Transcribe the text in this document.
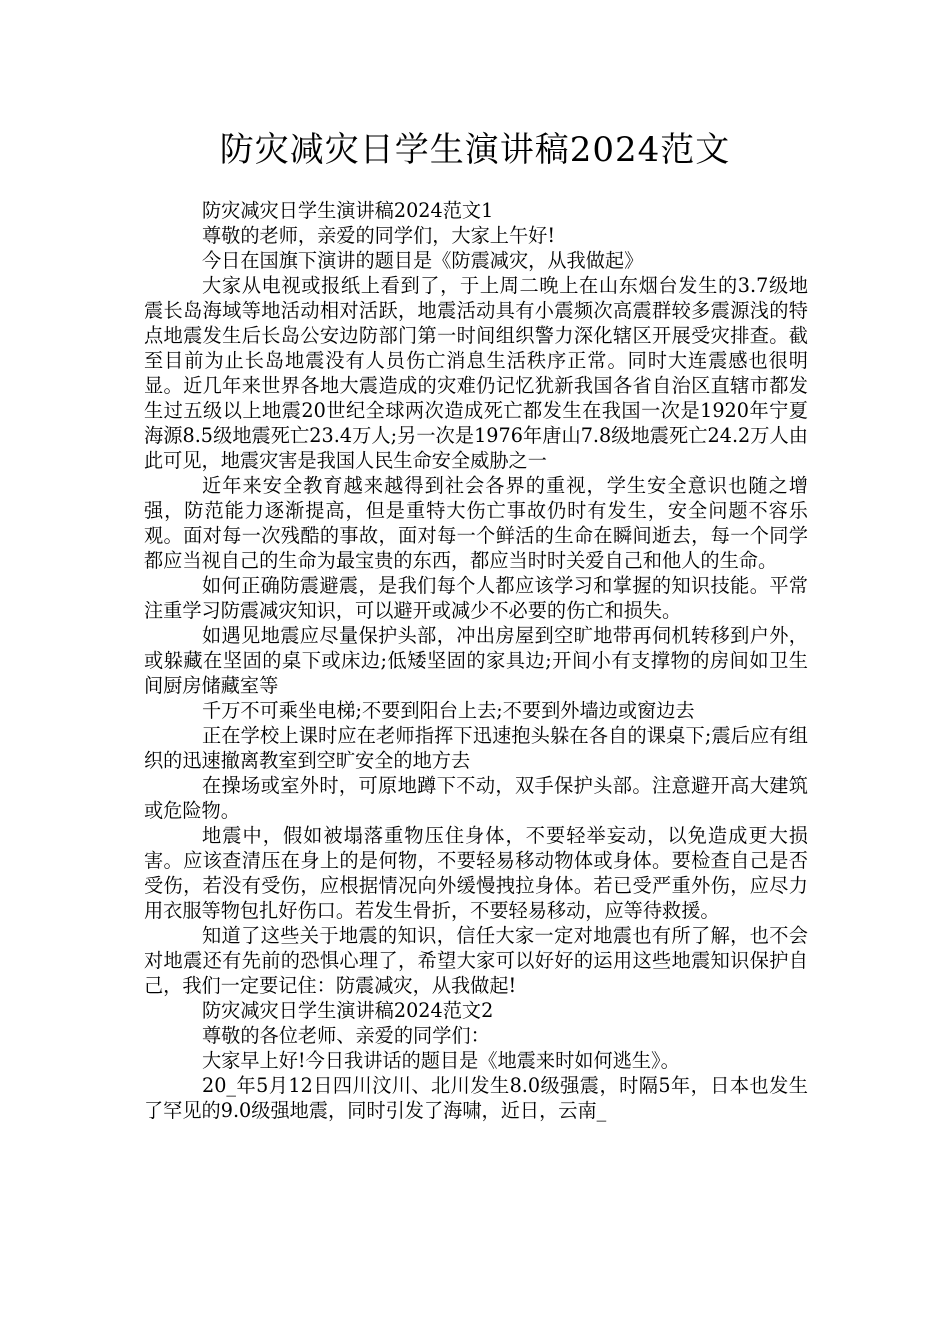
防灾减灾日学生演讲稿2024范文

防灾减灾日学生演讲稿2024范文1

尊敬的老师，亲爱的同学们，大家上午好!

今日在国旗下演讲的题目是《防震减灾，从我做起》

大家从电视或报纸上看到了，于上周二晚上在山东烟台发生的3.7级地震长岛海域等地活动相对活跃，地震活动具有小震频次高震群较多震源浅的特点地震发生后长岛公安边防部门第一时间组织警力深化辖区开展受灾排查。截至目前为止长岛地震没有人员伤亡消息生活秩序正常。同时大连震感也很明显。近几年来世界各地大震造成的灾难仍记忆犹新我国各省自治区直辖市都发生过五级以上地震20世纪全球两次造成死亡都发生在我国一次是1920年宁夏海源8.5级地震死亡23.4万人;另一次是1976年唐山7.8级地震死亡24.2万人由此可见，地震灾害是我国人民生命安全威胁之一

近年来安全教育越来越得到社会各界的重视，学生安全意识也随之增强，防范能力逐渐提高，但是重特大伤亡事故仍时有发生，安全问题不容乐观。面对每一次残酷的事故，面对每一个鲜活的生命在瞬间逝去，每一个同学都应当视自己的生命为最宝贵的东西，都应当时时关爱自己和他人的生命。

如何正确防震避震，是我们每个人都应该学习和掌握的知识技能。平常注重学习防震减灾知识，可以避开或减少不必要的伤亡和损失。

如遇见地震应尽量保护头部，冲出房屋到空旷地带再伺机转移到户外，或躲藏在坚固的桌下或床边;低矮坚固的家具边;开间小有支撑物的房间如卫生间厨房储藏室等

千万不可乘坐电梯;不要到阳台上去;不要到外墙边或窗边去

正在学校上课时应在老师指挥下迅速抱头躲在各自的课桌下;震后应有组织的迅速撤离教室到空旷安全的地方去

在操场或室外时，可原地蹲下不动，双手保护头部。注意避开高大建筑或危险物。

地震中，假如被塌落重物压住身体，不要轻举妄动，以免造成更大损害。应该查清压在身上的是何物，不要轻易移动物体或身体。要检查自己是否受伤，若没有受伤，应根据情况向外缓慢拽拉身体。若已受严重外伤，应尽力用衣服等物包扎好伤口。若发生骨折，不要轻易移动，应等待救援。

知道了这些关于地震的知识，信任大家一定对地震也有所了解，也不会对地震还有先前的恐惧心理了，希望大家可以好好的运用这些地震知识保护自己，我们一定要记住：防震减灾，从我做起!

防灾减灾日学生演讲稿2024范文2

尊敬的各位老师、亲爱的同学们：

大家早上好!今日我讲话的题目是《地震来时如何逃生》。

20_年5月12日四川汶川、北川发生8.0级强震，时隔5年，日本也发生了罕见的9.0级强地震，同时引发了海啸，近日，云南_
